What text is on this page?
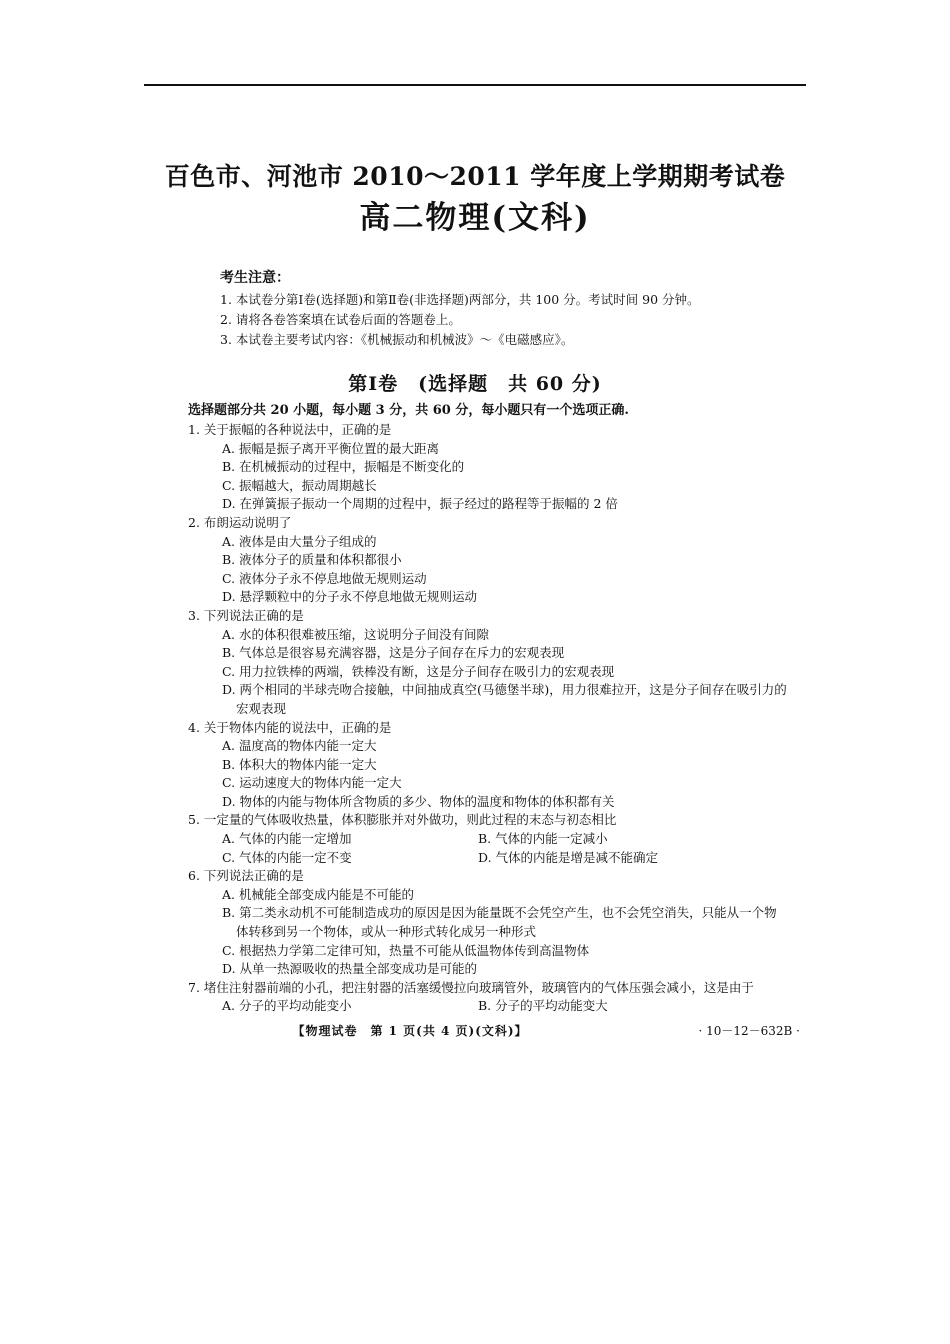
百色市、河池市 2010～2011 学年度上学期期考试卷
高二物理(文科)
考生注意：
1. 本试卷分第Ⅰ卷(选择题)和第Ⅱ卷(非选择题)两部分，共 100 分。考试时间 90 分钟。
2. 请将各卷答案填在试卷后面的答题卷上。
3. 本试卷主要考试内容：《机械振动和机械波》～《电磁感应》。
第Ⅰ卷　(选择题　共 60 分)
选择题部分共 20 小题，每小题 3 分，共 60 分，每小题只有一个选项正确.
1. 关于振幅的各种说法中，正确的是
A. 振幅是振子离开平衡位置的最大距离
B. 在机械振动的过程中，振幅是不断变化的
C. 振幅越大，振动周期越长
D. 在弹簧振子振动一个周期的过程中，振子经过的路程等于振幅的 2 倍
2. 布朗运动说明了
A. 液体是由大量分子组成的
B. 液体分子的质量和体积都很小
C. 液体分子永不停息地做无规则运动
D. 悬浮颗粒中的分子永不停息地做无规则运动
3. 下列说法正确的是
A. 水的体积很难被压缩，这说明分子间没有间隙
B. 气体总是很容易充满容器，这是分子间存在斥力的宏观表现
C. 用力拉铁棒的两端，铁棒没有断，这是分子间存在吸引力的宏观表现
D. 两个相同的半球壳吻合接触，中间抽成真空(马德堡半球)，用力很难拉开，这是分子间存在吸引力的宏观表现
4. 关于物体内能的说法中，正确的是
A. 温度高的物体内能一定大
B. 体积大的物体内能一定大
C. 运动速度大的物体内能一定大
D. 物体的内能与物体所含物质的多少、物体的温度和物体的体积都有关
5. 一定量的气体吸收热量，体积膨胀并对外做功，则此过程的末态与初态相比
A. 气体的内能一定增加	B. 气体的内能一定减小
C. 气体的内能一定不变	D. 气体的内能是增是减不能确定
6. 下列说法正确的是
A. 机械能全部变成内能是不可能的
B. 第二类永动机不可能制造成功的原因是因为能量既不会凭空产生，也不会凭空消失，只能从一个物体转移到另一个物体，或从一种形式转化成另一种形式
C. 根据热力学第二定律可知，热量不可能从低温物体传到高温物体
D. 从单一热源吸收的热量全部变成功是可能的
7. 堵住注射器前端的小孔，把注射器的活塞缓慢拉向玻璃管外，玻璃管内的气体压强会减小，这是由于
A. 分子的平均动能变小	B. 分子的平均动能变大
【物理试卷　第 1 页(共 4 页)(文科)】	· 10－12－632B ·
